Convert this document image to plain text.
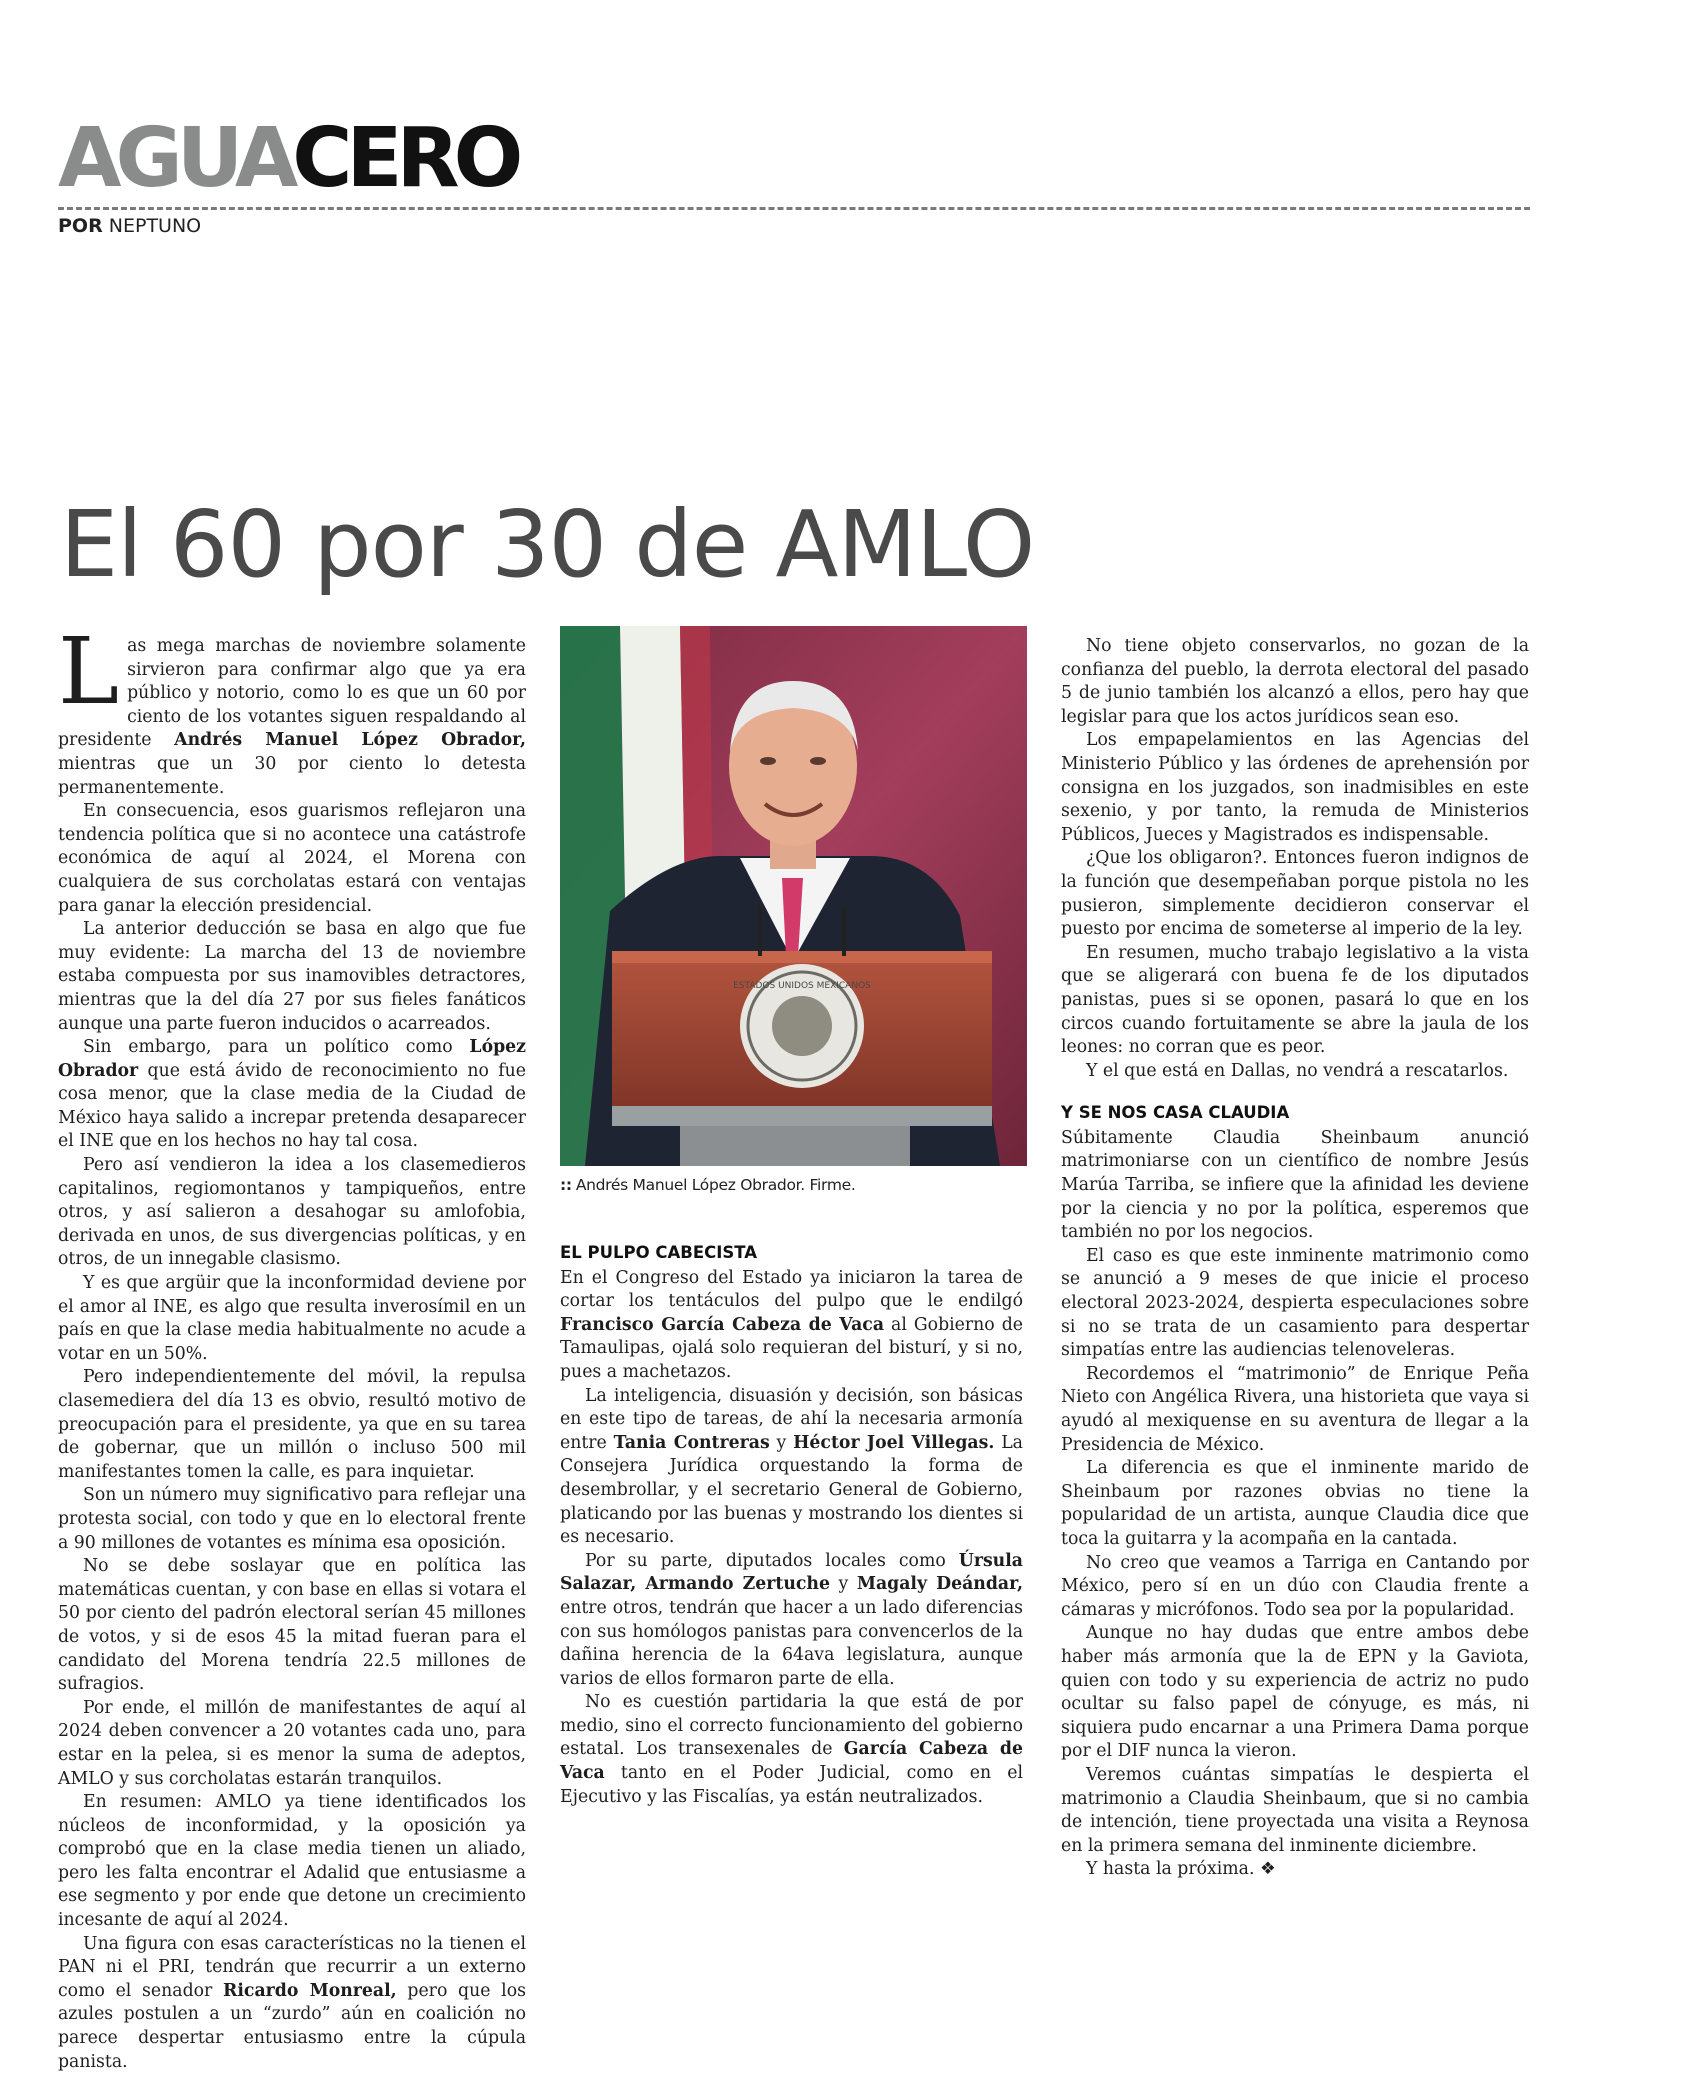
AGUACERO
POR NEPTUNO
El 60 por 30 de AMLO

Las mega marchas de noviembre solamente sirvieron para confirmar algo que ya era público y notorio, como lo es que un 60 por ciento de los votantes siguen respaldando al presidente Andrés Manuel López Obrador, mientras que un 30 por ciento lo detesta permanentemente.

En consecuencia, esos guarismos reflejaron una tendencia política que si no acontece una catástrofe económica de aquí al 2024, el Morena con cualquiera de sus corcholatas estará con ventajas para ganar la elección presidencial.

La anterior deducción se basa en algo que fue muy evidente: La marcha del 13 de noviembre estaba compuesta por sus inamovibles detractores, mientras que la del día 27 por sus fieles fanáticos aunque una parte fueron inducidos o acarreados.

Sin embargo, para un político como López Obrador que está ávido de reconocimiento no fue cosa menor, que la clase media de la Ciudad de México haya salido a increpar pretenda desaparecer el INE que en los hechos no hay tal cosa.

Pero así vendieron la idea a los clasemedieros capitalinos, regiomontanos y tampiqueños, entre otros, y así salieron a desahogar su amlofobia, derivada en unos, de sus divergencias políticas, y en otros, de un innegable clasismo.

Y es que argüir que la inconformidad deviene por el amor al INE, es algo que resulta inverosímil en un país en que la clase media habitualmente no acude a votar en un 50%.

Pero independientemente del móvil, la repulsa clasemediera del día 13 es obvio, resultó motivo de preocupación para el presidente, ya que en su tarea de gobernar, que un millón o incluso 500 mil manifestantes tomen la calle, es para inquietar.

Son un número muy significativo para reflejar una protesta social, con todo y que en lo electoral frente a 90 millones de votantes es mínima esa oposición.

No se debe soslayar que en política las matemáticas cuentan, y con base en ellas si votara el 50 por ciento del padrón electoral serían 45 millones de votos, y si de esos 45 la mitad fueran para el candidato del Morena tendría 22.5 millones de sufragios.

Por ende, el millón de manifestantes de aquí al 2024 deben convencer a 20 votantes cada uno, para estar en la pelea, si es menor la suma de adeptos, AMLO y sus corcholatas estarán tranquilos.

En resumen: AMLO ya tiene identificados los núcleos de inconformidad, y la oposición ya comprobó que en la clase media tienen un aliado, pero les falta encontrar el Adalid que entusiasme a ese segmento y por ende que detone un crecimiento incesante de aquí al 2024.

Una figura con esas características no la tienen el PAN ni el PRI, tendrán que recurrir a un externo como el senador Ricardo Monreal, pero que los azules postulen a un “zurdo” aún en coalición no parece despertar entusiasmo entre la cúpula panista.

ESTADOS UNIDOS MEXICANOS
:: Andrés Manuel López Obrador. Firme.
EL PULPO CABECISTA

En el Congreso del Estado ya iniciaron la tarea de cortar los tentáculos del pulpo que le endilgó Francisco García Cabeza de Vaca al Gobierno de Tamaulipas, ojalá solo requieran del bisturí, y si no, pues a machetazos.

La inteligencia, disuasión y decisión, son básicas en este tipo de tareas, de ahí la necesaria armonía entre Tania Contreras y Héctor Joel Villegas. La Consejera Jurídica orquestando la forma de desembrollar, y el secretario General de Gobierno, platicando por las buenas y mostrando los dientes si es necesario.

Por su parte, diputados locales como Úrsula Salazar, Armando Zertuche y Magaly Deándar, entre otros, tendrán que hacer a un lado diferencias con sus homólogos panistas para convencerlos de la dañina herencia de la 64ava legislatura, aunque varios de ellos formaron parte de ella.

No es cuestión partidaria la que está de por medio, sino el correcto funcionamiento del gobierno estatal. Los transexenales de García Cabeza de Vaca tanto en el Poder Judicial, como en el Ejecutivo y las Fiscalías, ya están neutralizados.

No tiene objeto conservarlos, no gozan de la confianza del pueblo, la derrota electoral del pasado 5 de junio también los alcanzó a ellos, pero hay que legislar para que los actos jurídicos sean eso.

Los empapelamientos en las Agencias del Ministerio Público y las órdenes de aprehensión por consigna en los juzgados, son inadmisibles en este sexenio, y por tanto, la remuda de Ministerios Públicos, Jueces y Magistrados es indispensable.

¿Que los obligaron?. Entonces fueron indignos de la función que desempeñaban porque pistola no les pusieron, simplemente decidieron conservar el puesto por encima de someterse al imperio de la ley.

En resumen, mucho trabajo legislativo a la vista que se aligerará con buena fe de los diputados panistas, pues si se oponen, pasará lo que en los circos cuando fortuitamente se abre la jaula de los leones: no corran que es peor.

Y el que está en Dallas, no vendrá a rescatarlos.

Y SE NOS CASA CLAUDIA

Súbitamente Claudia Sheinbaum anunció matrimoniarse con un científico de nombre Jesús Marúa Tarriba, se infiere que la afinidad les deviene por la ciencia y no por la política, esperemos que también no por los negocios.

El caso es que este inminente matrimonio como se anunció a 9 meses de que inicie el proceso electoral 2023-2024, despierta especulaciones sobre si no se trata de un casamiento para despertar simpatías entre las audiencias telenoveleras.

Recordemos el “matrimonio” de Enrique Peña Nieto con Angélica Rivera, una historieta que vaya si ayudó al mexiquense en su aventura de llegar a la Presidencia de México.

La diferencia es que el inminente marido de Sheinbaum por razones obvias no tiene la popularidad de un artista, aunque Claudia dice que toca la guitarra y la acompaña en la cantada.

No creo que veamos a Tarriga en Cantando por México, pero sí en un dúo con Claudia frente a cámaras y micrófonos. Todo sea por la popularidad.

Aunque no hay dudas que entre ambos debe haber más armonía que la de EPN y la Gaviota, quien con todo y su experiencia de actriz no pudo ocultar su falso papel de cónyuge, es más, ni siquiera pudo encarnar a una Primera Dama porque por el DIF nunca la vieron.

Veremos cuántas simpatías le despierta el matrimonio a Claudia Sheinbaum, que si no cambia de intención, tiene proyectada una visita a Reynosa en la primera semana del inminente diciembre.

Y hasta la próxima. ❖
